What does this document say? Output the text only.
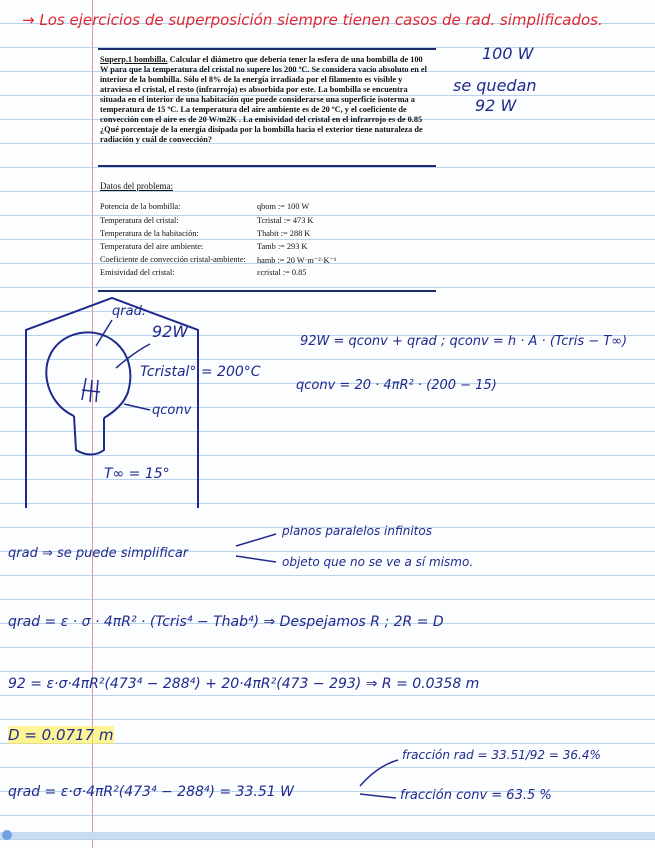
→ Los ejercicios de superposición siempre tienen casos de rad. simplificados.
Superp.1 bombilla. Calcular el diámetro que debería tener la esfera de una bombilla de 100 W para que la temperatura del cristal no supere los 200 ºC. Se considera vacío absoluto en el interior de la bombilla. Sólo el 8% de la energía irradiada por el filamento es visible y atraviesa el cristal, el resto (infrarroja) es absorbida por este. La bombilla se encuentra situada en el interior de una habitación que puede considerarse una superficie isoterma a temperatura de 15 ºC. La temperatura del aire ambiente es de 20 ºC, y el coeficiente de convección con el aire es de 20 W/m2K . La emisividad del cristal en el infrarrojo es de 0.85 ¿Qué porcentaje de la energía disipada por la bombilla hacia el exterior tiene naturaleza de radiación y cuál de convección?
100 W
se quedan
92 W
Datos del problema:
Potencia de la bombilla:	qbom := 100 W
Temperatura del cristal:	Tcristal := 473 K
Temperatura de la habitación:	Thabit := 288 K
Temperatura del aire ambiente:	Tamb := 293 K
Coeficiente de convección cristal-ambiente: hamb := 20 W·m⁻²·K⁻¹
Emisividad del cristal:	εcristal := 0.85
qrad.
92W
Tcristal° = 200°C
qconv
T∞ = 15°
92W = qconv + qrad ; qconv = h · A · (Tcris − T∞)
qconv = 20 · 4πR² · (200 − 15)
qrad ⇒ se puede simplificar
planos paralelos infinitos
objeto que no se ve a sí mismo.
qrad = ε · σ · 4πR² · (Tcris⁴ − Thab⁴) ⇒ Despejamos R ; 2R = D
92 = ε·σ·4πR²(473⁴ − 288⁴) + 20·4πR²(473 − 293) ⇒ R = 0.0358 m
D = 0.0717 m
qrad = ε·σ·4πR²(473⁴ − 288⁴) = 33.51 W
fracción rad = 33.51/92 = 36.4%
fracción conv = 63.5 %
